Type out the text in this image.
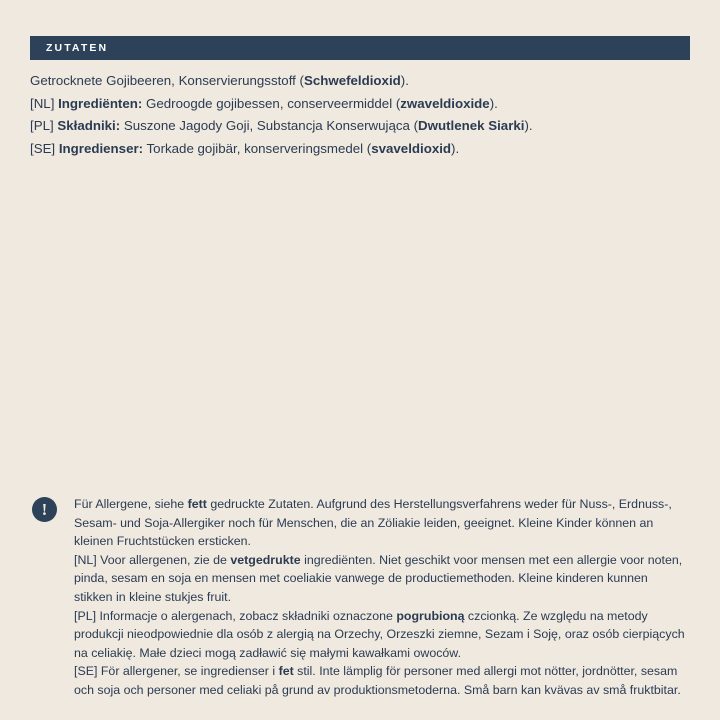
ZUTATEN
Getrocknete Gojibeeren, Konservierungsstoff (Schwefeldioxid).
[NL] Ingrediënten: Gedroogde gojibessen, conserveermiddel (zwaveldioxide).
[PL] Składniki: Suszone Jagody Goji, Substancja Konserwująca (Dwutlenek Siarki).
[SE] Ingredienser: Torkade gojibär, konserveringsmedel (svaveldioxid).
!	Für Allergene, siehe fett gedruckte Zutaten. Aufgrund des Herstellungsverfahrens weder für Nuss-, Erdnuss-, Sesam- und Soja-Allergiker noch für Menschen, die an Zöliakie leiden, geeignet. Kleine Kinder können an kleinen Fruchtstücken ersticken.

[NL] Voor allergenen, zie de vetgedrukte ingrediënten. Niet geschikt voor mensen met een allergie voor noten, pinda, sesam en soja en mensen met coeliakie vanwege de productiemethoden. Kleine kinderen kunnen stikken in kleine stukjes fruit.

[PL] Informacje o alergenach, zobacz składniki oznaczone pogrubioną czcionką. Ze względu na metody produkcji nieodpowiednie dla osób z alergią na Orzechy, Orzeszki ziemne, Sezam i Soję, oraz osób cierpiących na celiakię. Małe dzieci mogą zadławić się małymi kawałkami owoców.

[SE] För allergener, se ingredienser i fet stil. Inte lämplig för personer med allergi mot nötter, jordnötter, sesam och soja och personer med celiaki på grund av produktionsmetoderna. Små barn kan kvävas av små fruktbitar.
